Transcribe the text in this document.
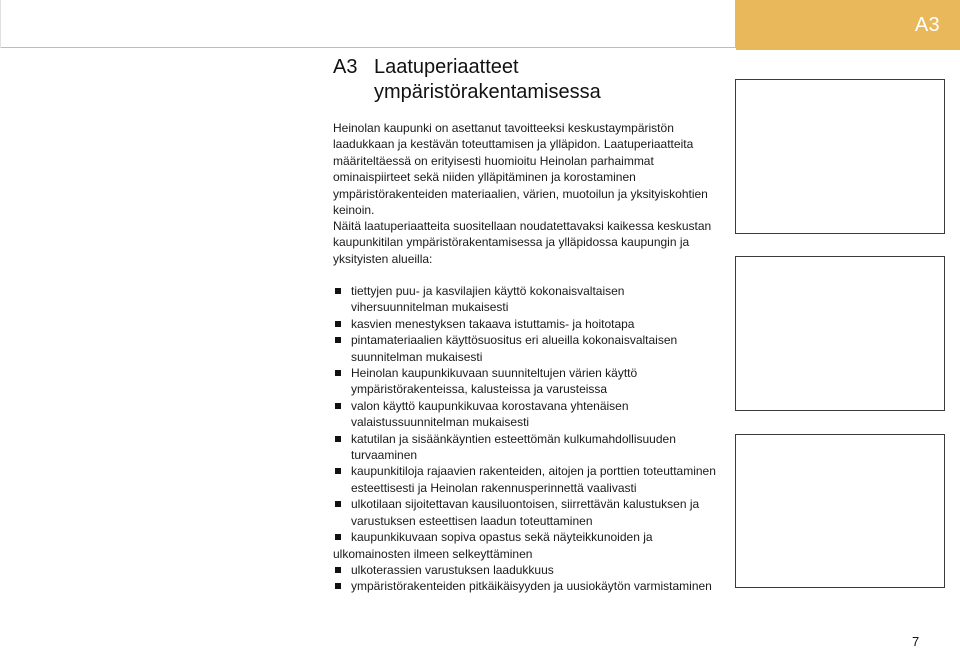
A3
A3 Laatuperiaatteet ympäristörakentamisessa

Heinolan kaupunki on asettanut tavoitteeksi keskustaympäristön laadukkaan ja kestävän toteuttamisen ja ylläpidon. Laatuperiaatteita määriteltäessä on erityisesti huomioitu Heinolan parhaimmat ominaispiirteet sekä niiden ylläpitäminen ja korostaminen ympäristörakenteiden materiaalien, värien, muotoilun ja yksityiskohtien keinoin.

Näitä laatuperiaatteita suositellaan noudatettavaksi kaikessa keskustan kaupunkitilan ympäristörakentamisessa ja ylläpidossa kaupungin ja yksityisten alueilla:

tiettyjen puu- ja kasvilajien käyttö kokonaisvaltaisen vihersuunnitelman mukaisesti
kasvien menestyksen takaava istuttamis- ja hoitotapa
pintamateriaalien käyttösuositus eri alueilla kokonaisvaltaisen suunnitelman mukaisesti
Heinolan kaupunkikuvaan suunniteltujen värien käyttö ympäristörakenteissa, kalusteissa ja varusteissa
valon käyttö kaupunkikuvaa korostavana yhtenäisen valaistussuunnitelman mukaisesti
katutilan ja sisäänkäyntien esteettömän kulkumahdollisuuden turvaaminen
kaupunkitiloja rajaavien rakenteiden, aitojen ja porttien toteuttaminen esteettisesti ja Heinolan rakennusperinnettä vaalivasti
ulkotilaan sijoitettavan kausiluontoisen, siirrettävän kalustuksen ja varustuksen esteettisen laadun toteuttaminen
kaupunkikuvaan sopiva opastus sekä näyteikkunoiden ja ulkomainosten ilmeen selkeyttäminen
ulkoterassien varustuksen laadukkuus
ympäristörakenteiden pitkäikäisyyden ja uusiokäytön varmistaminen
7
